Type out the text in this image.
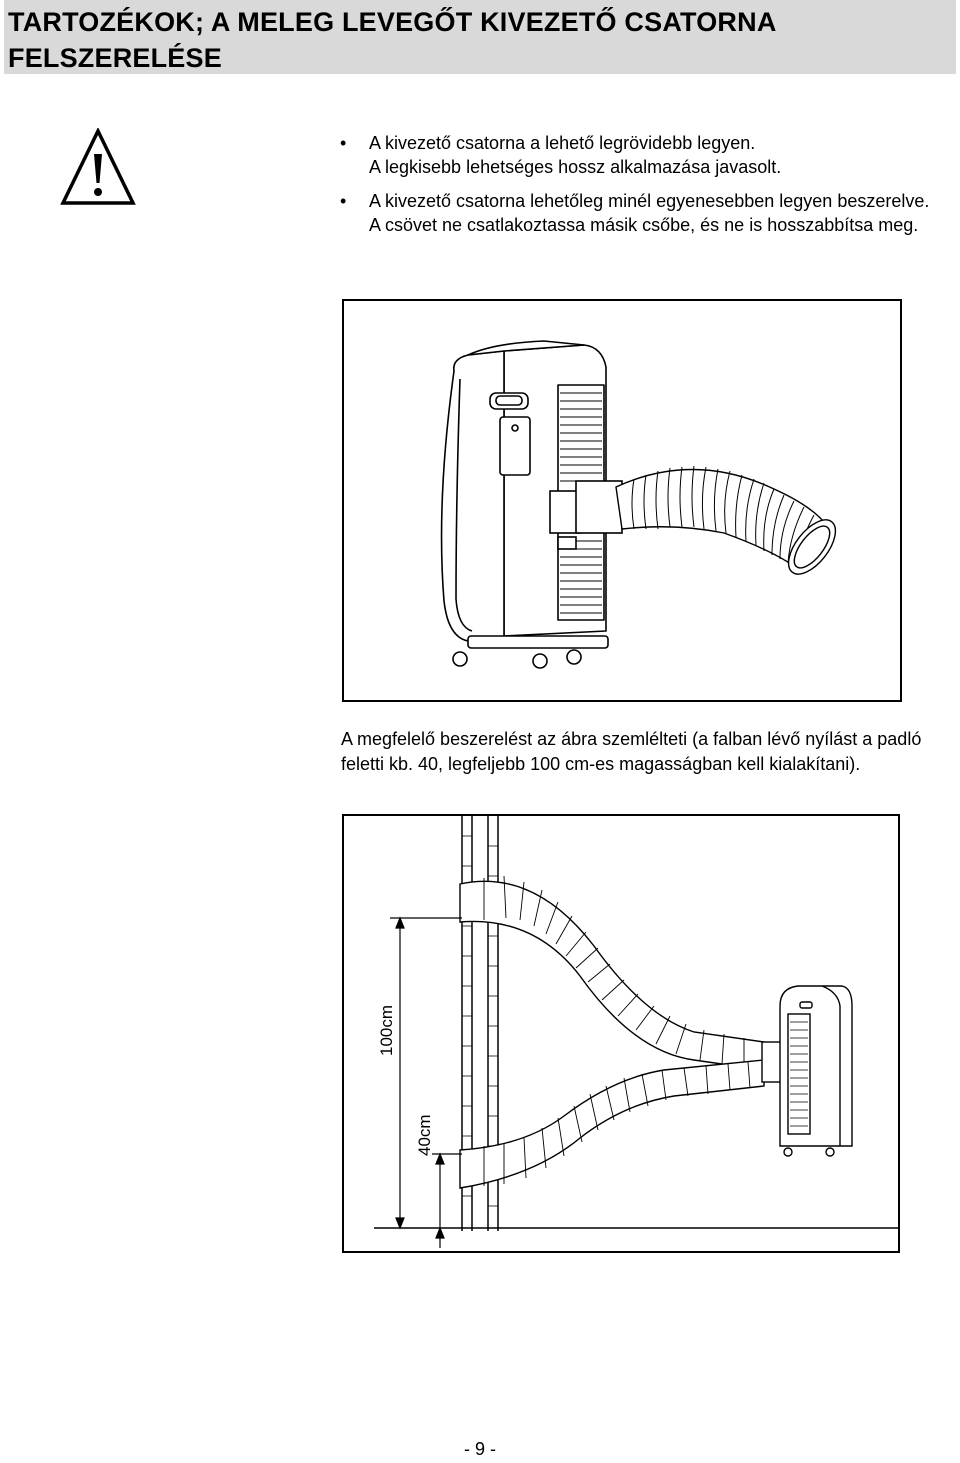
TARTOZÉKOK; A MELEG LEVEGŐT KIVEZETŐ CSATORNA
FELSZERELÉSE
• A kivezető csatorna a lehető legrövidebb legyen.

A legkisebb lehetséges hossz alkalmazása javasolt.

• A kivezető csatorna lehetőleg minél egyenesebben legyen beszerelve.

A csövet ne csatlakoztassa másik csőbe, és ne is hosszabbítsa meg.

A megfelelő beszerelést az ábra szemlélteti (a falban lévő nyílást a padló feletti kb. 40, legfeljebb 100 cm-es magasságban kell kialakítani).

100cm
40cm
- 9 -
